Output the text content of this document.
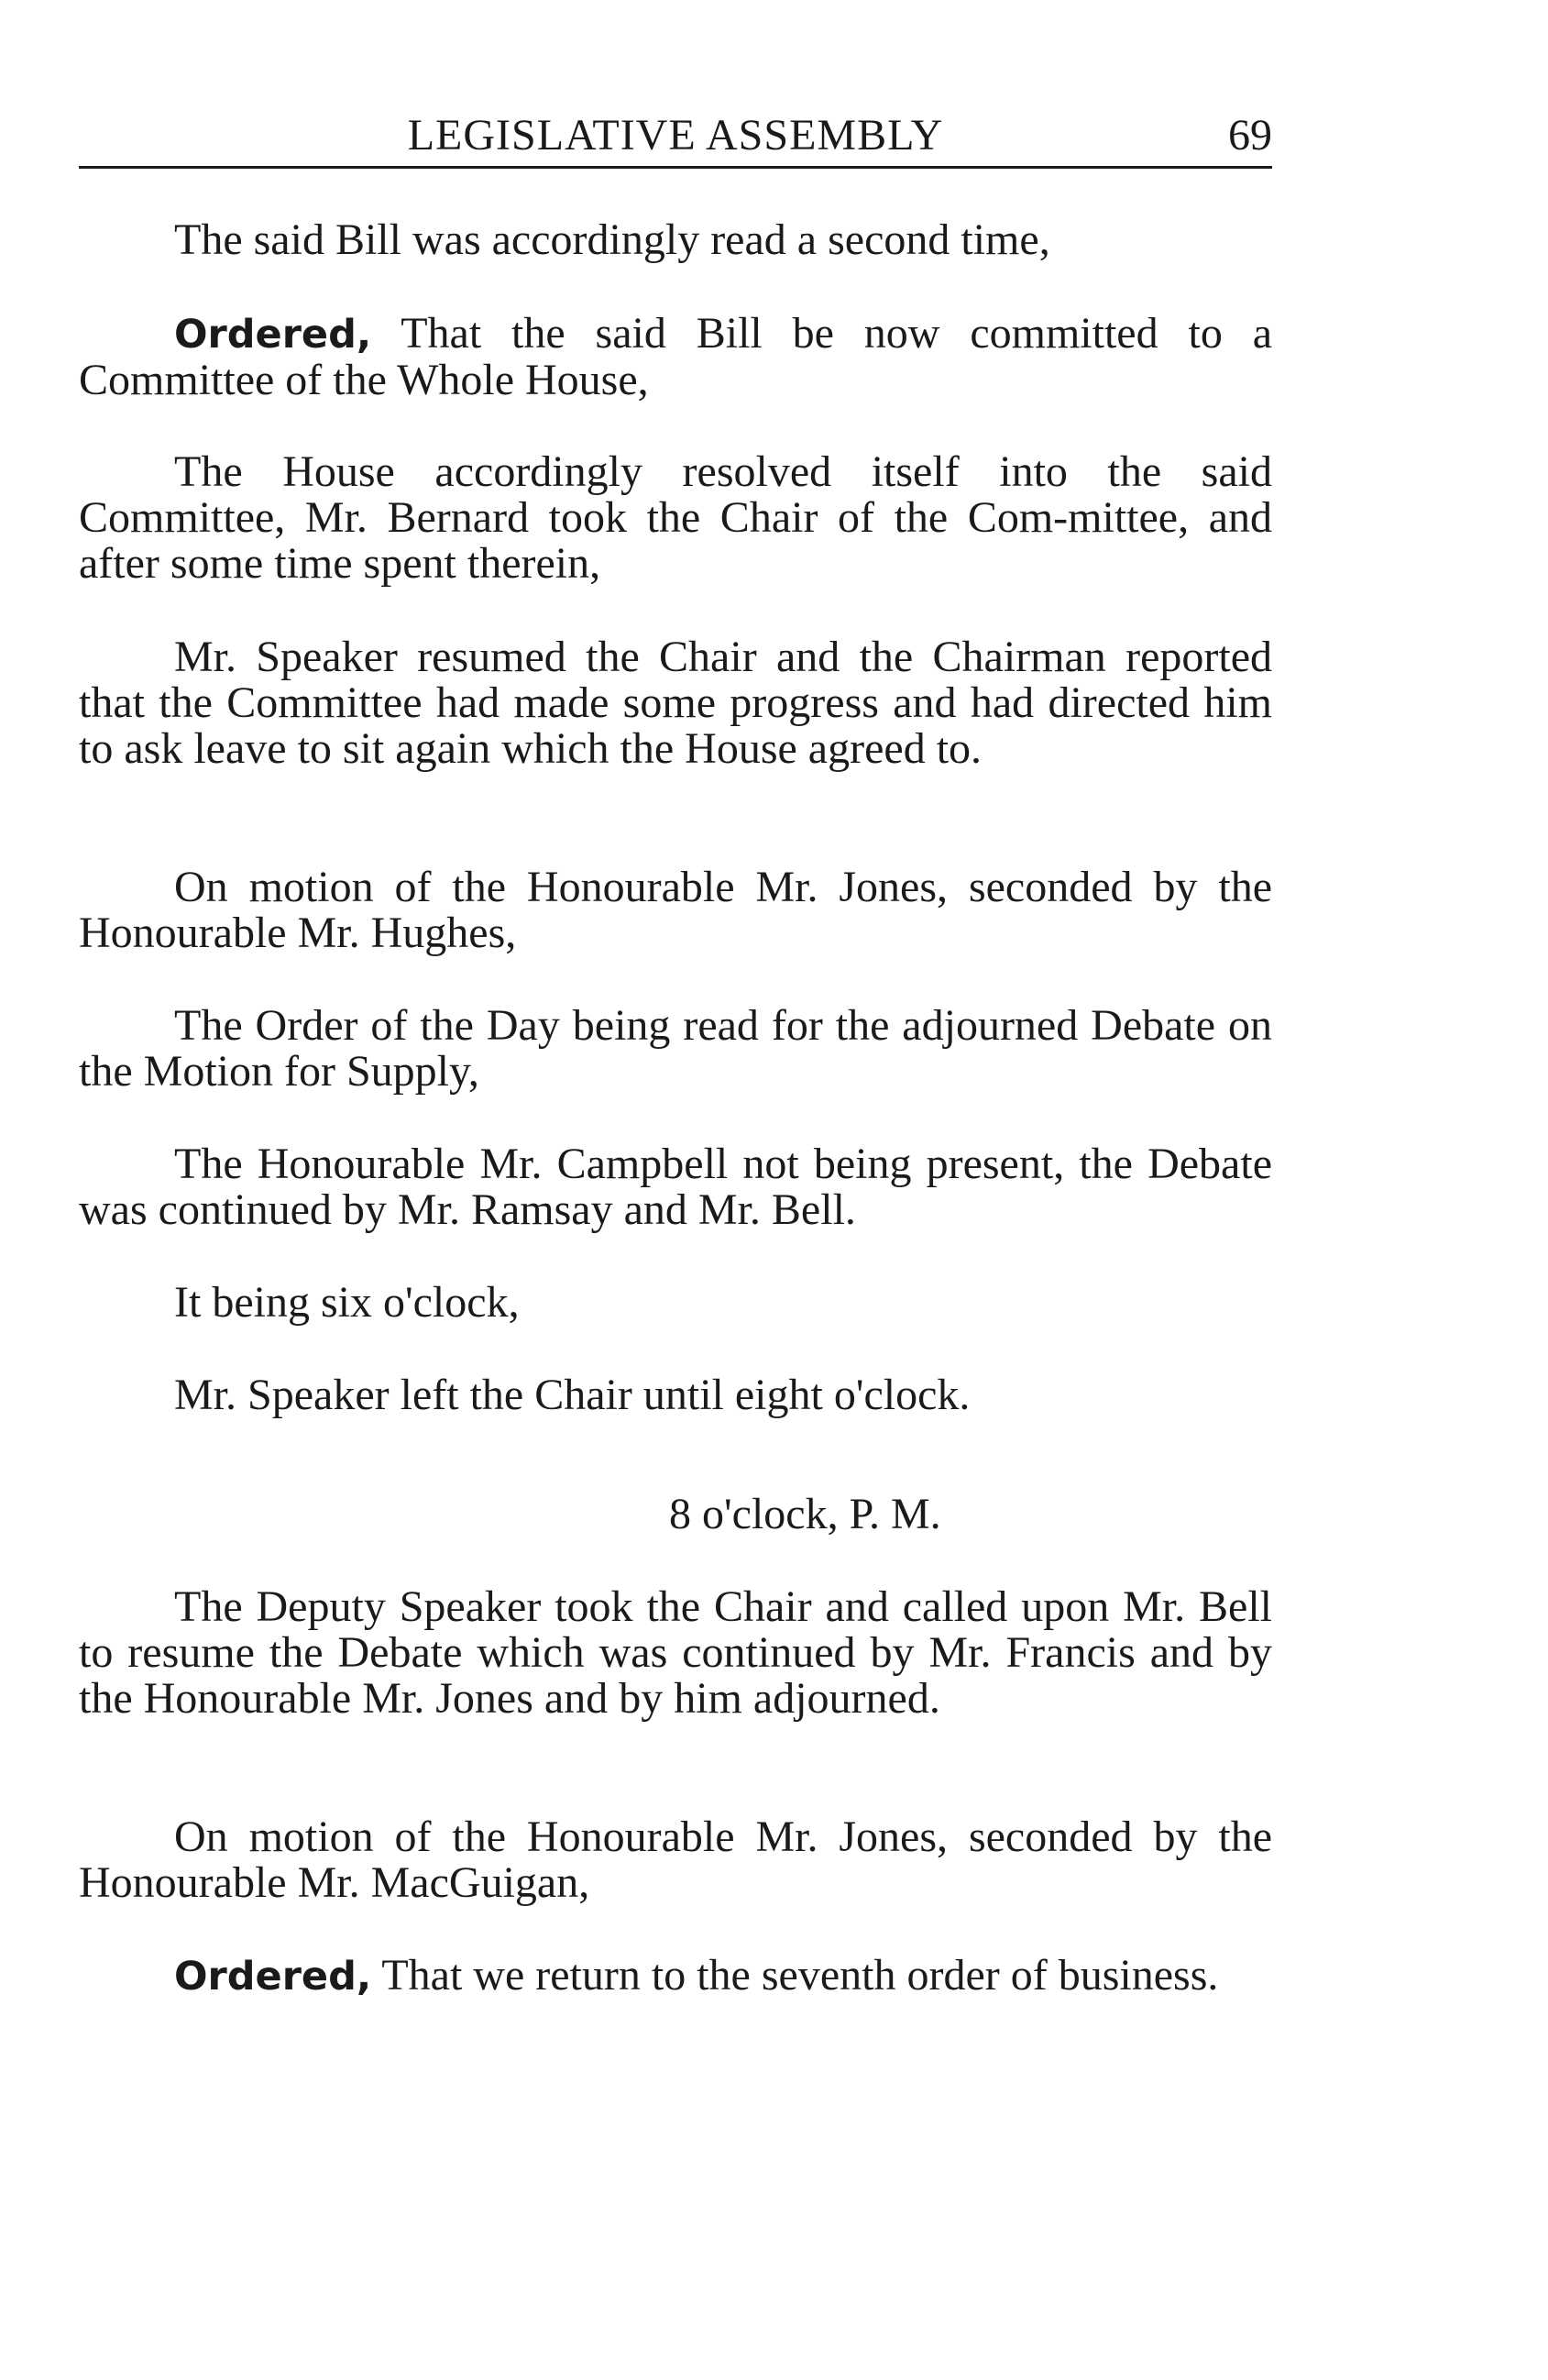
LEGISLATIVE ASSEMBLY	69

The said Bill was accordingly read a second time,

Ordered, That the said Bill be now committed to a Committee of the Whole House,

The House accordingly resolved itself into the said Committee, Mr. Bernard took the Chair of the Com-mittee, and after some time spent therein,

Mr. Speaker resumed the Chair and the Chairman reported that the Committee had made some progress and had directed him to ask leave to sit again which the House agreed to.

On motion of the Honourable Mr. Jones, seconded by the Honourable Mr. Hughes,

The Order of the Day being read for the adjourned Debate on the Motion for Supply,

The Honourable Mr. Campbell not being present, the Debate was continued by Mr. Ramsay and Mr. Bell.

It being six o'clock,

Mr. Speaker left the Chair until eight o'clock.

8 o'clock, P. M.

The Deputy Speaker took the Chair and called upon Mr. Bell to resume the Debate which was continued by Mr. Francis and by the Honourable Mr. Jones and by him adjourned.

On motion of the Honourable Mr. Jones, seconded by the Honourable Mr. MacGuigan,

Ordered, That we return to the seventh order of business.
